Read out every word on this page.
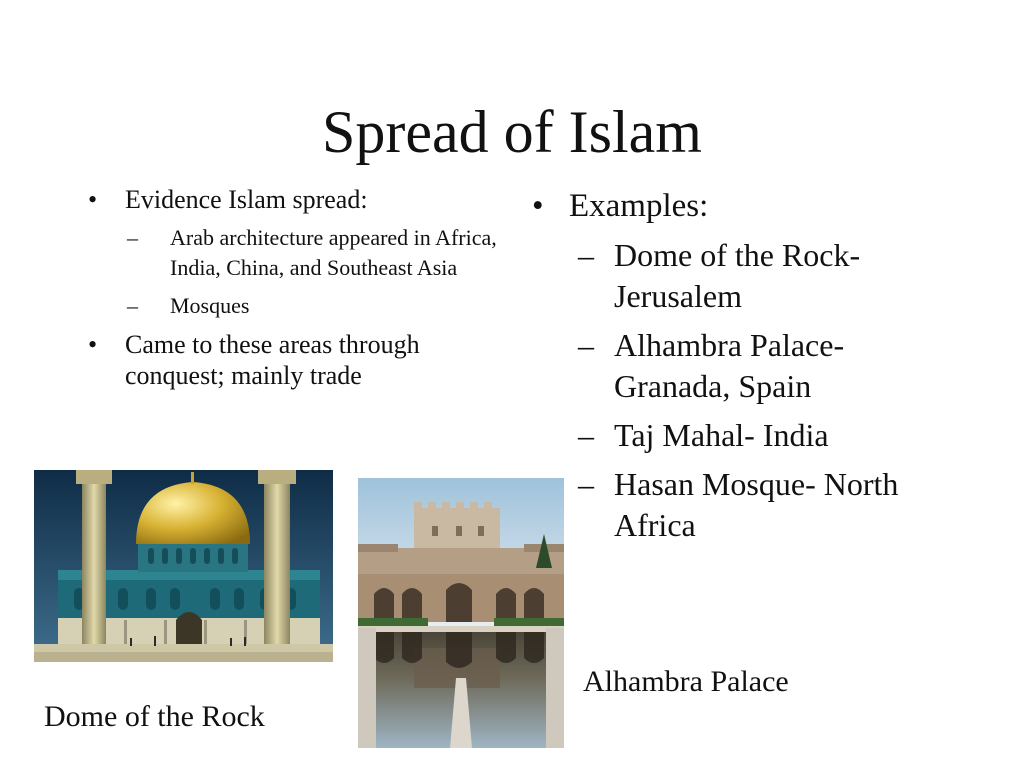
Spread of Islam
• Evidence Islam spread:
– Arab architecture appeared in Africa, India, China, and Southeast Asia
– Mosques
• Came to these areas through conquest; mainly trade
• Examples:
– Dome of the Rock- Jerusalem
– Alhambra Palace- Granada, Spain
– Taj Mahal- India
– Hasan Mosque- North Africa
Dome of the Rock
Alhambra Palace
